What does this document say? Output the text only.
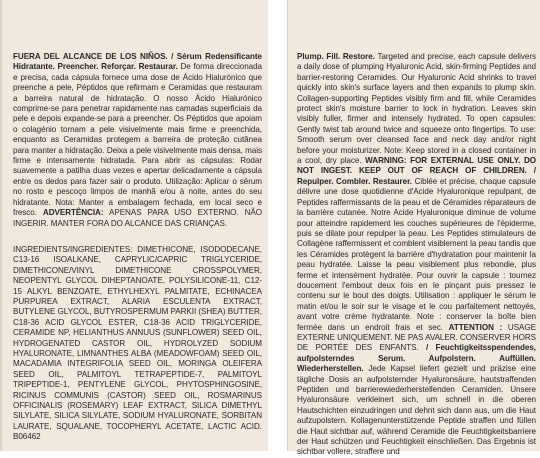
FUERA DEL ALCANCE DE LOS NIÑOS. / Sérum Redensificante Hidratante. Preencher. Reforçar. Restaurar. De forma direccionada e precisa, cada cápsula fornece uma dose de Ácido Hialurónico que preenche a pele, Péptidos que refirmam e Ceramidas que restauram a barreira natural de hidratação. O nosso Ácido Hialurónico comprime-se para penetrar rapidamente nas camadas superficiais da pele e depois expande-se para a preencher. Os Péptidos que apoiam o colagénio tornam a pele visivelmente mais firme e preenchida, enquanto as Ceramidas protegem a barreira de proteção cutânea para manter a hidratação. Deixa a pele visivelmente mais densa, mais firme e intensamente hidratada. Para abrir as cápsulas: Rodar suavemente a patilha duas vezes e apertar delicadamente a cápsula entre os dedos para fazer sair o produto. Utilização: Aplicar o sérum no rosto e pescoço limpos de manhã e/ou à noite, antes do seu hidratante. Nota: Manter a embalagem fechada, em local seco e fresco. ADVERTÊNCIA: APENAS PARA USO EXTERNO. NÃO INGERIR. MANTER FORA DO ALCANCE DAS CRIANÇAS.

INGREDIENTS/INGREDIENTES: DIMETHICONE, ISODODECANE, C13-16 ISOALKANE, CAPRYLIC/CAPRIC TRIGLYCERIDE, DIMETHICONE/VINYL DIMETHICONE CROSSPOLYMER, NEOPENTYL GLYCOL DIHEPTANOATE, POLYSILICONE-11, C12-15 ALKYL BENZOATE, ETHYLHEXYL PALMITATE, ECHINACEA PURPUREA EXTRACT, ALARIA ESCULENTA EXTRACT, BUTYLENE GLYCOL, BUTYROSPERMUM PARKII (SHEA) BUTTER, C18-36 ACID GLYCOL ESTER, C18-36 ACID TRIGLYCERIDE, CERAMIDE NP, HELIANTHUS ANNUUS (SUNFLOWER) SEED OIL, HYDROGENATED CASTOR OIL, HYDROLYZED SODIUM HYALURONATE, LIMNANTHES ALBA (MEADOWFOAM) SEED OIL, MACADAMIA INTEGRIFOLIA SEED OIL, MORINGA OLEIFERA SEED OIL, PALMITOYL TETRAPEPTIDE-7, PALMITOYL TRIPEPTIDE-1, PENTYLENE GLYCOL, PHYTOSPHINGOSINE, RICINUS COMMUNIS (CASTOR) SEED OIL, ROSMARINUS OFFICINALIS (ROSEMARY) LEAF EXTRACT, SILICA DIMETHYL SILYLATE, SILICA SILYLATE, SODIUM HYALURONATE, SORBITAN LAURATE, SQUALANE, TOCOPHERYL ACETATE, LACTIC ACID. B06462

Plump. Fill. Restore. Targeted and precise, each capsule delivers a daily dose of plumping Hyaluronic Acid, skin-firming Peptides and barrier-restoring Ceramides. Our Hyaluronic Acid shrinks to travel quickly into skin's surface layers and then expands to plump skin. Collagen-supporting Peptides visibly firm and fill, while Ceramides protect skin's moisture barrier to lock in hydration. Leaves skin visibly fuller, firmer and intensely hydrated. To open capsules: Gently twist tab around twice and squeeze onto fingertips. To use: Smooth serum over cleansed face and neck day and/or night before your moisturizer. Note: Keep stored in a closed container in a cool, dry place. WARNING: FOR EXTERNAL USE ONLY. DO NOT INGEST. KEEP OUT OF REACH OF CHILDREN. / Repulper. Combler. Restaurer. Ciblée et précise, chaque capsule délivre une dose quotidienne d'Acide Hyaluronique repulpant, de Peptides raffermissants de la peau et de Céramides réparateurs de la barrière cutanée. Notre Acide Hyaluronique diminue de volume pour atteindre rapidement les couches supérieures de l'épiderme, puis se dilate pour repulper la peau. Les Peptides stimulateurs de Collagène raffermissent et comblent visiblement la peau tandis que les Céramides protègent la barrière d'hydratation pour maintenir la peau hydratée. Laisse la peau visiblement plus rebondie, plus ferme et intensément hydratée. Pour ouvrir la capsule : tournez doucement l'embout deux fois en le pinçant puis pressez le contenu sur le bout des doigts. Utilisation : appliquer le sérum le matin et/ou le soir sur le visage et le cou parfaitement nettoyés, avant votre crème hydratante. Note : conserver la boîte bien fermée dans un endroit frais et sec. ATTENTION : USAGE EXTERNE UNIQUEMENT. NE PAS AVALER. CONSERVER HORS DE PORTÉE DES ENFANTS. / Feuchtigkeitsspendendes, aufpolsterndes Serum. Aufpolstern. Auffüllen. Wiederherstellen. Jede Kapsel liefert gezielt und präzise eine tägliche Dosis an aufpolsternder Hyaluronsäure, hautstraffenden Peptiden und barrierewiederherstellenden Ceramiden. Unsere Hyaluronsäure verkleinert sich, um schnell in die oberen Hautschichten einzudringen und dehnt sich dann aus, um die Haut aufzupolstern. Kollagenunterstützende Peptide straffen und füllen die Haut sichtbar auf, während Ceramide die Feuchtigkeitsbarriere der Haut schützen und Feuchtigkeit einschließen. Das Ergebnis ist sichtbar vollere, straffere und
